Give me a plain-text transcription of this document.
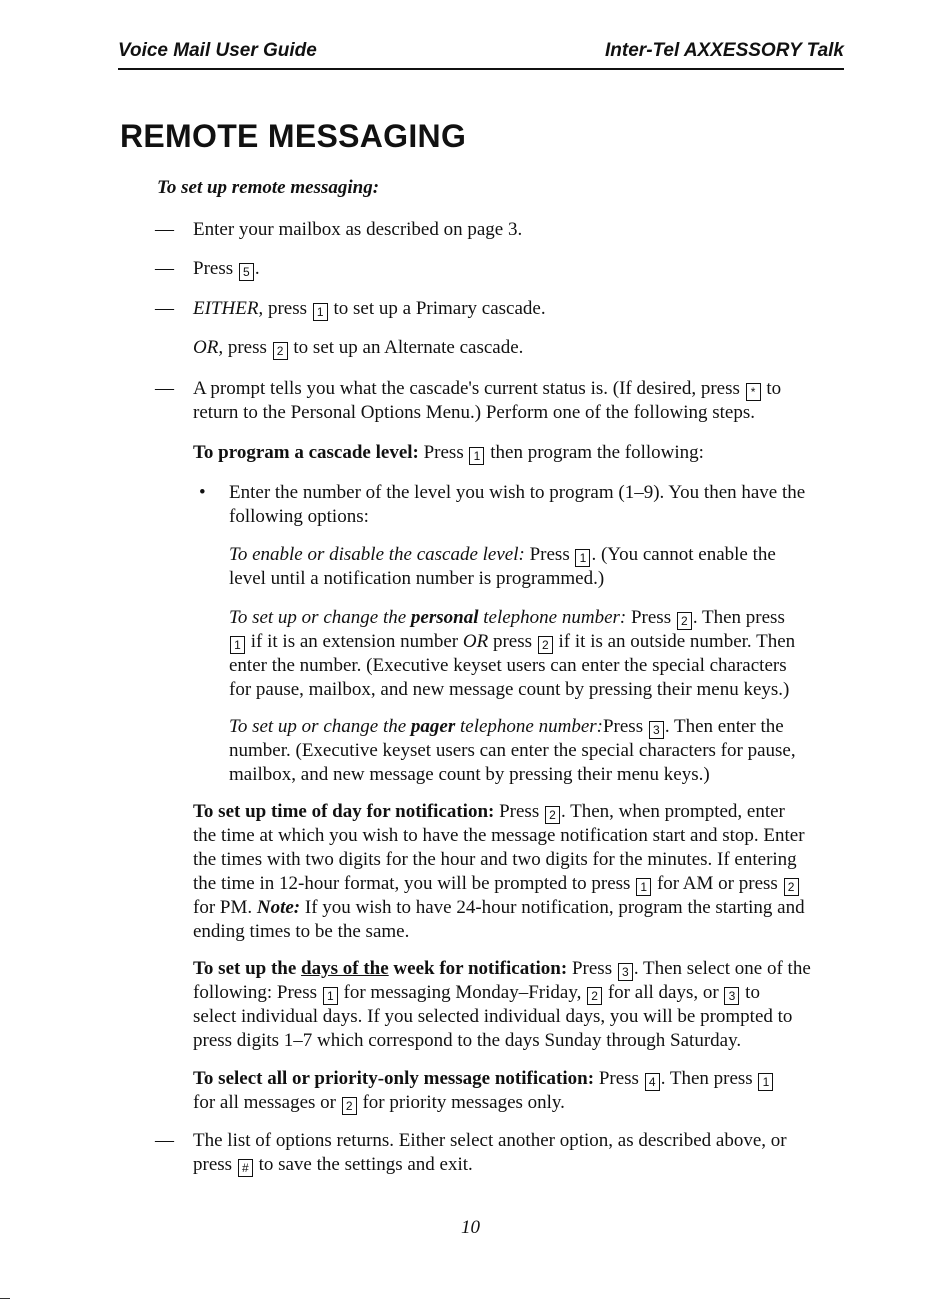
Voice Mail User Guide	Inter-Tel AXXESSORY Talk
REMOTE MESSAGING
To set up remote messaging:
— Enter your mailbox as described on page 3.
— Press 5 .
— EITHER, press 1 to set up a Primary cascade.
OR, press 2 to set up an Alternate cascade.
— A prompt tells you what the cascade's current status is. (If desired, press * to
return to the Personal Options Menu.) Perform one of the following steps.
To program a cascade level: Press 1 then program the following:
• Enter the number of the level you wish to program (1–9). You then have the
following options:
To enable or disable the cascade level: Press 1 . (You cannot enable the
level until a notification number is programmed.)
To set up or change the personal telephone number: Press 2 . Then press
1 if it is an extension number OR press 2 if it is an outside number. Then
enter the number. (Executive keyset users can enter the special characters
for pause, mailbox, and new message count by pressing their menu keys.)
To set up or change the pager telephone number:Press 3 . Then enter the
number. (Executive keyset users can enter the special characters for pause,
mailbox, and new message count by pressing their menu keys.)
To set up time of day for notification: Press 2 . Then, when prompted, enter
the time at which you wish to have the message notification start and stop. Enter
the times with two digits for the hour and two digits for the minutes. If entering
the time in 12-hour format, you will be prompted to press 1 for AM or press 2
for PM. Note: If you wish to have 24-hour notification, program the starting and
ending times to be the same.
To set up the days of the week for notification: Press 3 . Then select one of the
following: Press 1 for messaging Monday–Friday, 2 for all days, or 3 to
select individual days. If you selected individual days, you will be prompted to
press digits 1–7 which correspond to the days Sunday through Saturday.
To select all or priority-only message notification: Press 4 . Then press 1
for all messages or 2 for priority messages only.
— The list of options returns. Either select another option, as described above, or
press # to save the settings and exit.
10
